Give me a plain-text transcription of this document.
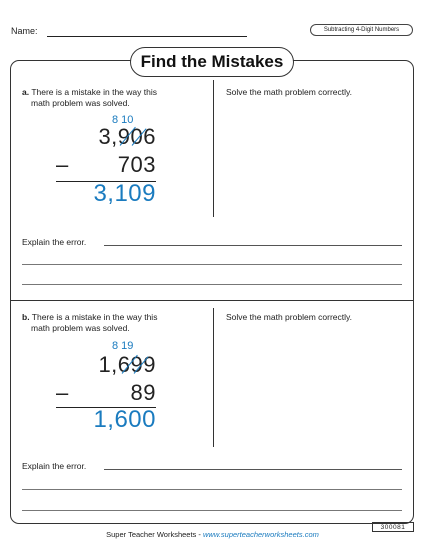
Name:	Subtracting 4-Digit Numbers
Find the Mistakes
a. There is a mistake in the way this
math problem was solved.
Solve the math problem correctly.
8 10
3,906
– 703
3,109
Explain the error.
b. There is a mistake in the way this
math problem was solved.
Solve the math problem correctly.
8 19
1,699
–	89
1,600
Explain the error.
Super Teacher Worksheets - www.superteacherworksheets.com
300081
